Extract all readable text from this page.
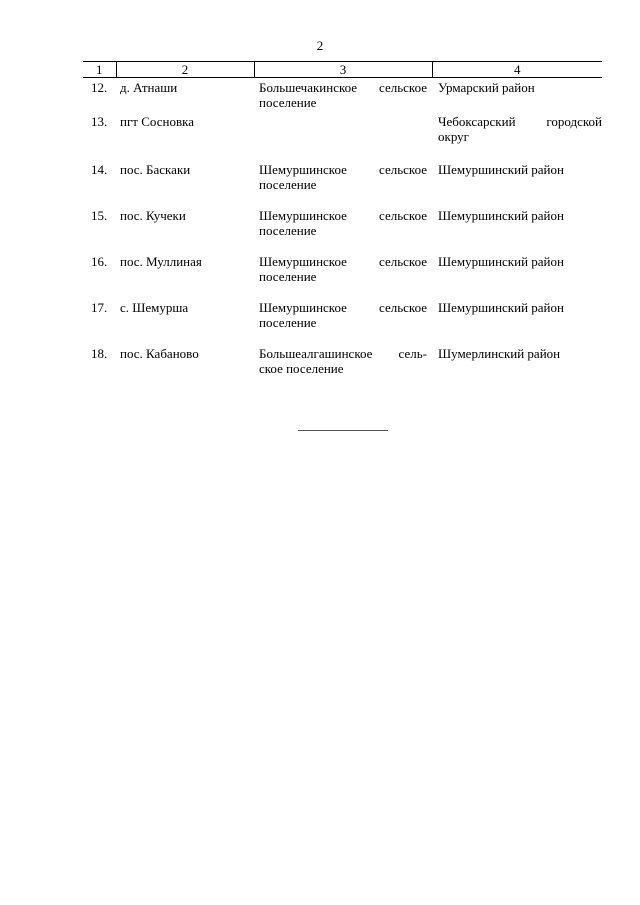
2
1	2	3	4
12.	д. Атнаши	Большечакинское сельское поселение	Урмарский район
13.	пгт Сосновка		Чебоксарский городской округ
14.	пос. Баскаки	Шемуршинское сельское поселение	Шемуршинский район
15.	пос. Кучеки	Шемуршинское сельское поселение	Шемуршинский район
16.	пос. Муллиная	Шемуршинское сельское поселение	Шемуршинский район
17.	с. Шемурша	Шемуршинское сельское поселение	Шемуршинский район
18.	пос. Кабаново	Большеалгашинское сель-ское поселение	Шумерлинский район
